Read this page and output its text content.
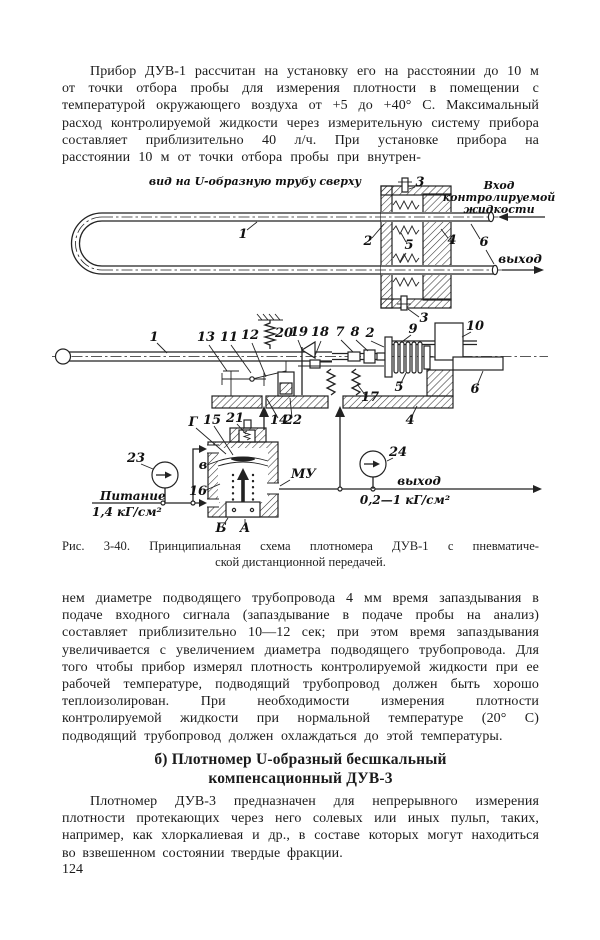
Прибор ДУВ-1 рассчитан на установку его на расстоянии до 10 м от точки отбора пробы для измерения плотности в помещении с температурой окружающего воздуха от +5 до +40° С. Максимальный расход контролируемой жидкости через измерительную систему прибора составляет приблизительно 40 л/ч. При установке прибора на расстоянии 10 м от точки отбора пробы при внутрен-
вид на U-образную трубу сверху	Вход
контролируемой
жидкости
выход
1	2
3
3
4
5	6
1	13 11 12 20
19 18 7 8 2	9	10
17
5	6
4
14
22
Г 15 21
Питание
1,4 кГ/см²
выход
0,2—1 кГ/см²
23	24
в
16
Б А
МУ
Рис. 3-40. Принципиальная схема плотномера ДУВ-1 с пневматиче-
ской дистанционной передачей.
нем диаметре подводящего трубопровода 4 мм время запаздывания в подаче входного сигнала (запаздывание в подаче пробы на анализ) составляет приблизительно 10—12 сек; при этом время запаздывания увеличивается с увеличением диаметра подводящего трубопровода. Для того чтобы прибор измерял плотность контролируемой жидкости при ее рабочей температуре, подводящий трубопровод должен быть хорошо теплоизолирован. При необходимости измерения плотности контролируемой жидкости при нормальной температуре (20° С) подводящий трубопровод должен охлаждаться до этой температуры.
б) Плотномер U-образный бесшкальный
компенсационный ДУВ-3
Плотномер ДУВ-3 предназначен для непрерывного измерения плотности протекающих через него солевых или иных пульп, таких, например, как хлоркалиевая и др., в составе которых могут находиться во взвешенном состоянии твердые фракции.
124
